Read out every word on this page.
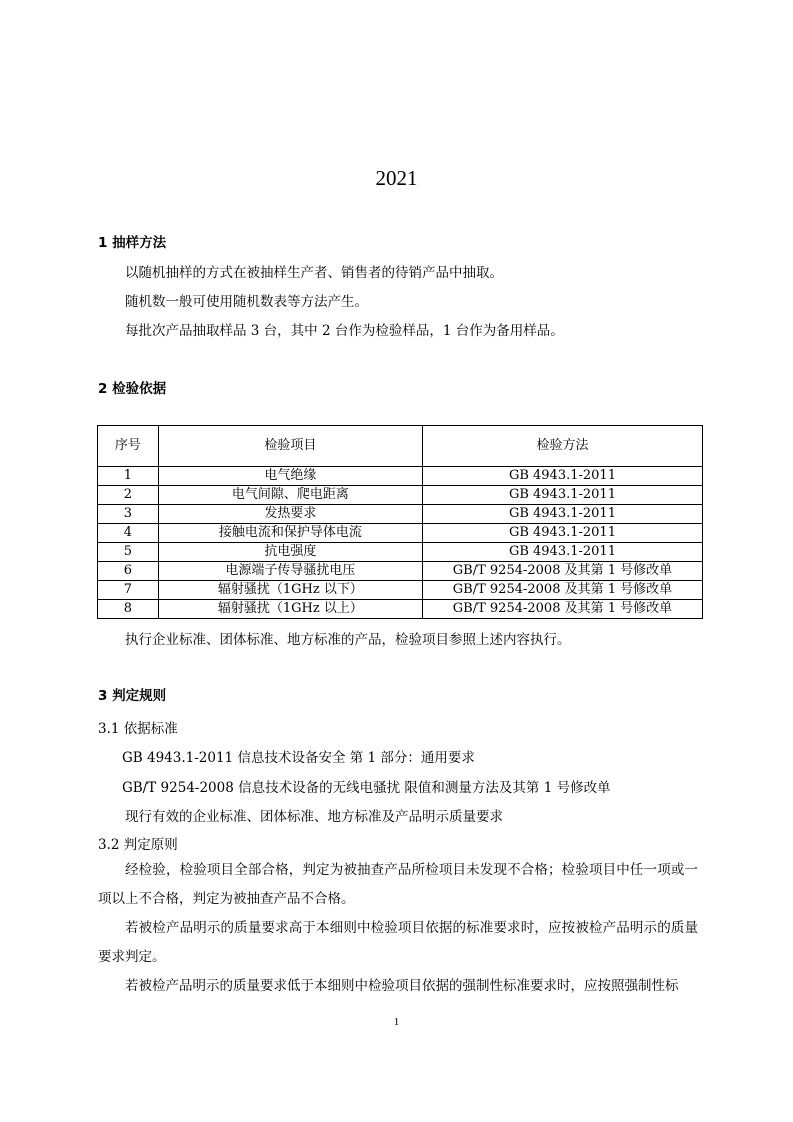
2021
1 抽样方法
以随机抽样的方式在被抽样生产者、销售者的待销产品中抽取。
随机数一般可使用随机数表等方法产生。
每批次产品抽取样品 3 台，其中 2 台作为检验样品，1 台作为备用样品。
2 检验依据
序号	检验项目	检验方法
1	电气绝缘	GB 4943.1-2011
2	电气间隙、爬电距离	GB 4943.1-2011
3	发热要求	GB 4943.1-2011
4	接触电流和保护导体电流	GB 4943.1-2011
5	抗电强度	GB 4943.1-2011
6	电源端子传导骚扰电压	GB/T 9254-2008 及其第 1 号修改单
7	辐射骚扰（1GHz 以下）	GB/T 9254-2008 及其第 1 号修改单
8	辐射骚扰（1GHz 以上）	GB/T 9254-2008 及其第 1 号修改单
执行企业标准、团体标准、地方标准的产品，检验项目参照上述内容执行。
3 判定规则
3.1 依据标准
GB 4943.1-2011 信息技术设备安全 第 1 部分：通用要求
GB/T 9254-2008 信息技术设备的无线电骚扰 限值和测量方法及其第 1 号修改单
现行有效的企业标准、团体标准、地方标准及产品明示质量要求
3.2 判定原则
经检验，检验项目全部合格，判定为被抽查产品所检项目未发现不合格；检验项目中任一项或一项以上不合格，判定为被抽查产品不合格。
若被检产品明示的质量要求高于本细则中检验项目依据的标准要求时，应按被检产品明示的质量要求判定。
若被检产品明示的质量要求低于本细则中检验项目依据的强制性标准要求时，应按照强制性标
1
